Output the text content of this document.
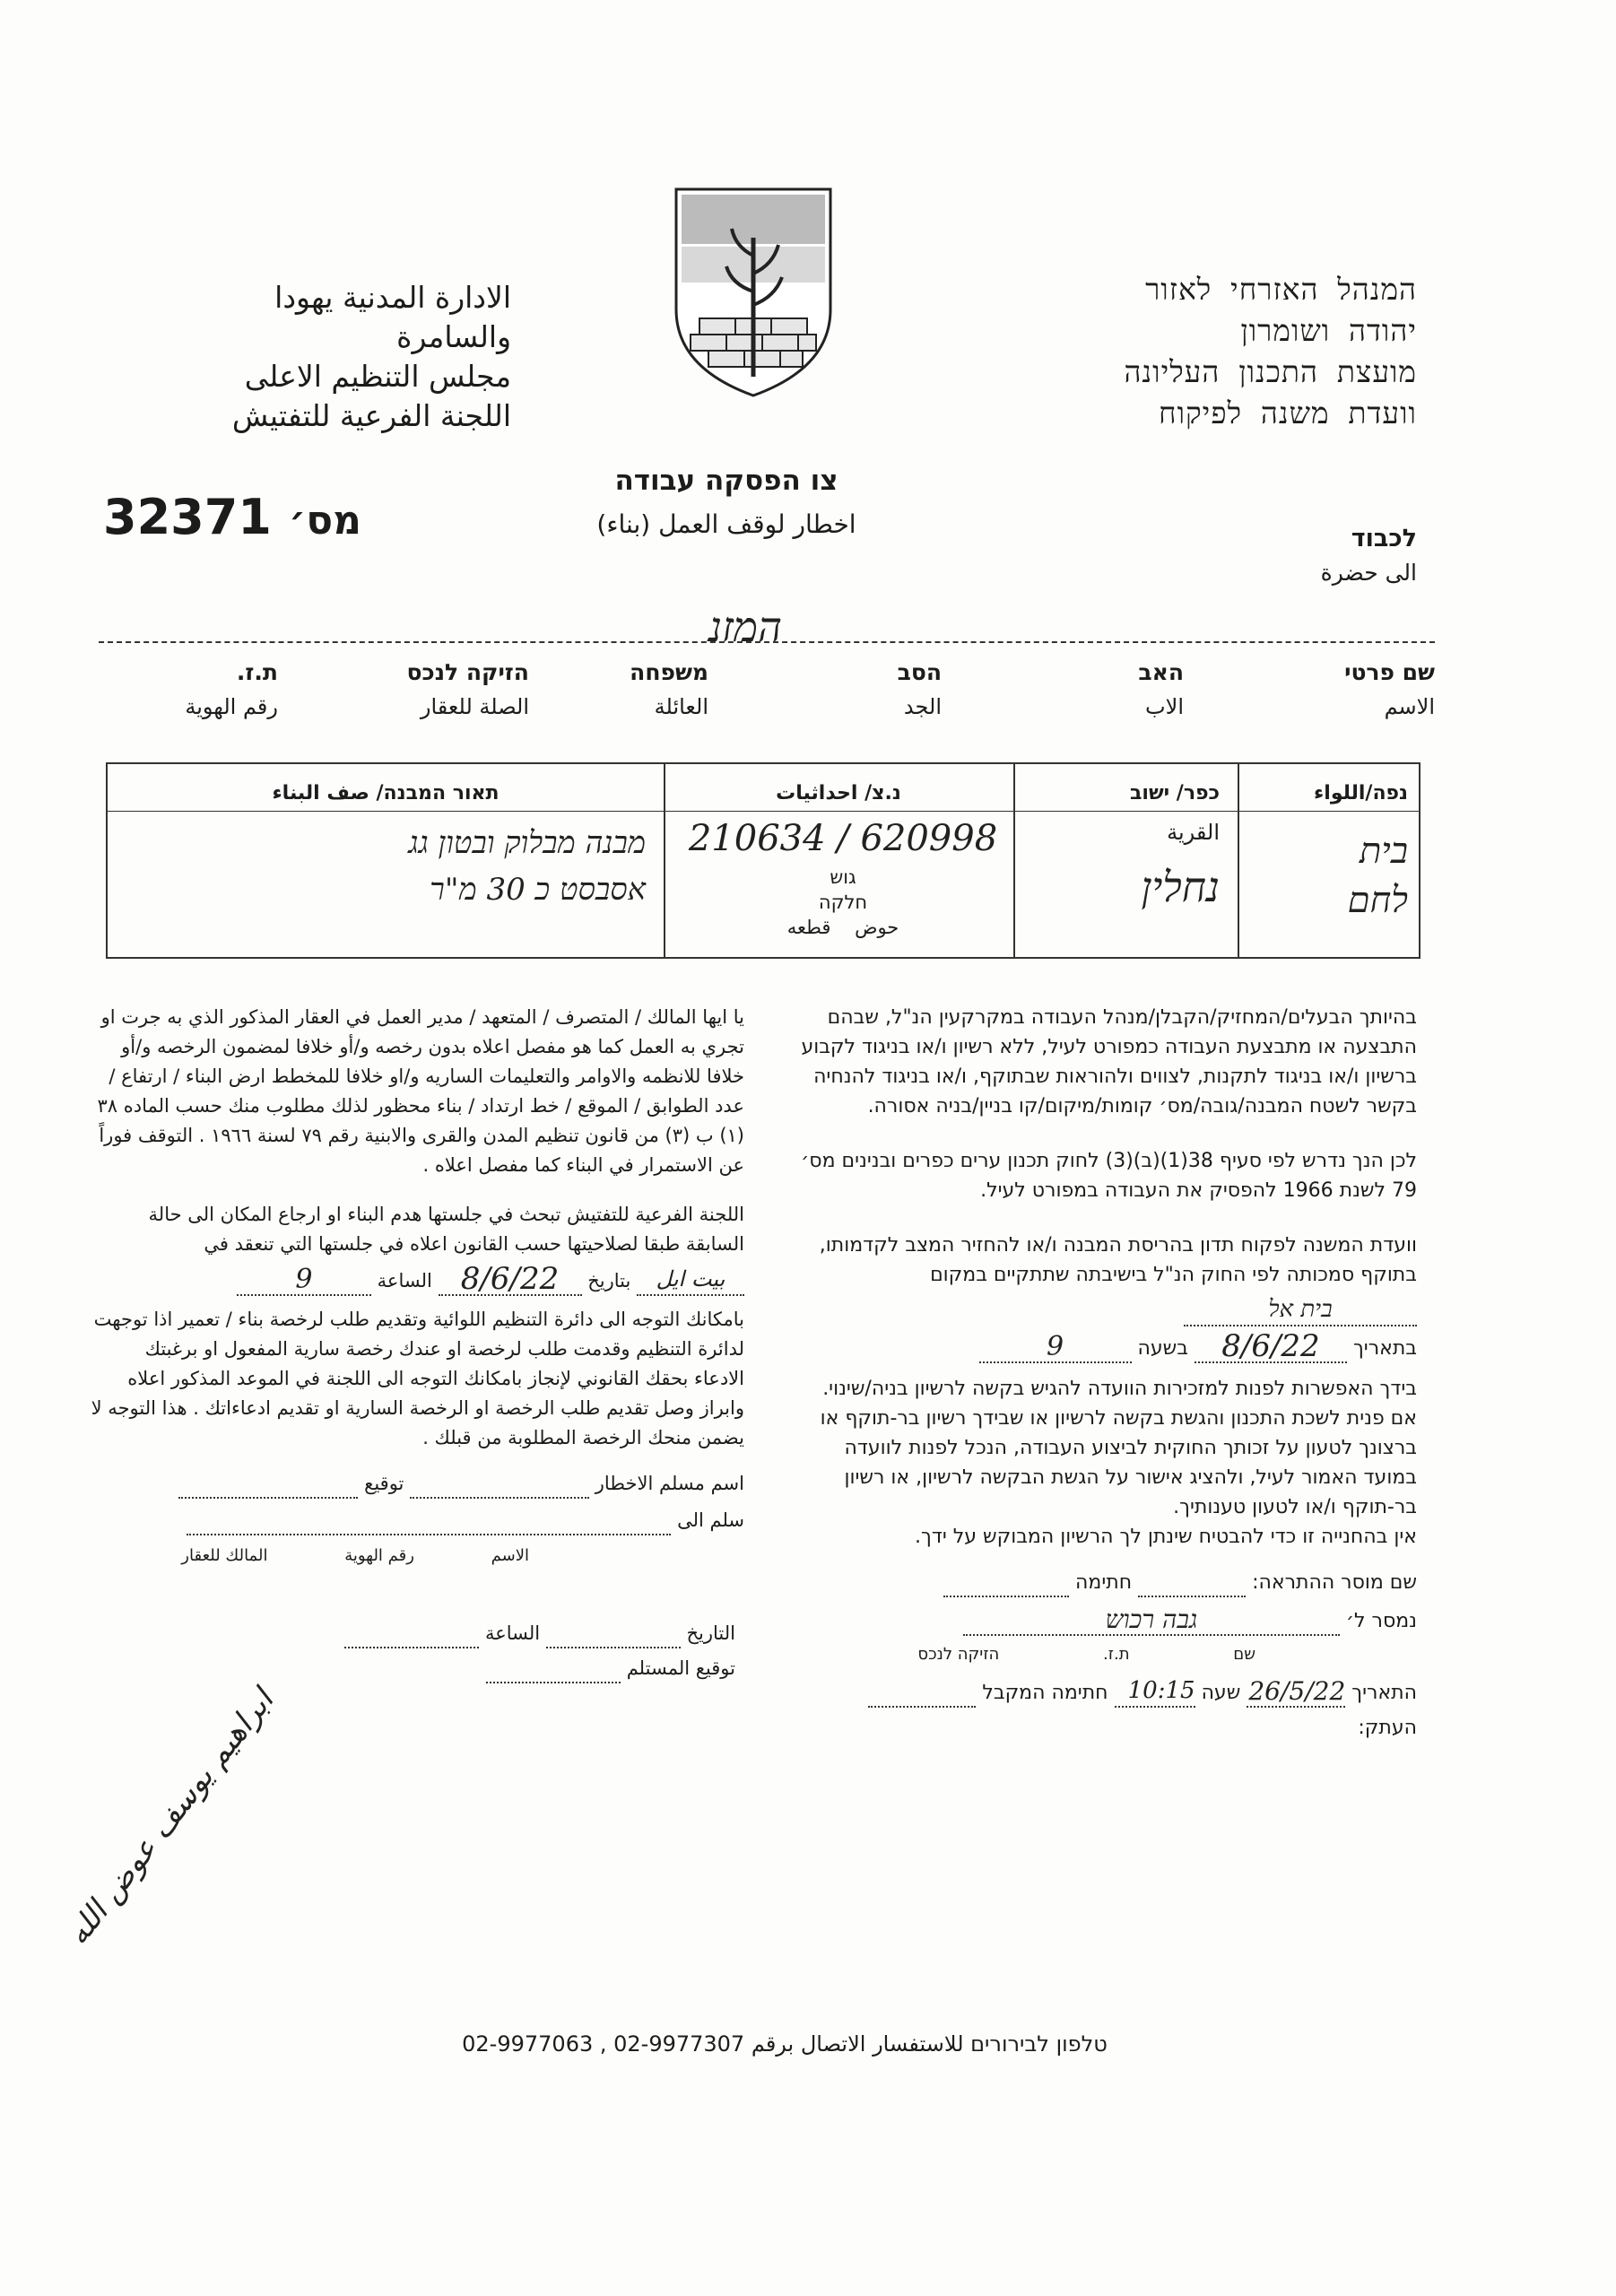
המנהל האזרחי לאזור
יהודה ושומרון
מועצת התכנון העליונה
וועדת משנה לפיקוח
الادارة المدنية يهودا
والسامرة
مجلس التنظيم الاعلى
اللجنة الفرعية للتفتيش
32371 מס׳
צו הפסקה עבודה
اخطار لوقف العمل (بناء)	לכבוד
الى حضرة
המזנ
שם פרטי
الاسم
האב
الاب
הסב
الجد
משפחה
العائلة
הזיקה לנכס
الصلة للعقار
ת.ז.
رقم الهوية
נפה/اللواء
בית
לחם
כפר/ ישוב
القرية
נחלין
נ.צ/ احداثيات
210634 / 620998
גוש
חלקה
حوض    قطعه
תאור המבנה/ صف البناء
מבנה מבלוק ובטון גג
אסבסט כ 30 מ"ר

בהיותך הבעלים/המחזיק/הקבלן/מנהל העבודה במקרקעין הנ"ל, שבהם התבצעה או מתבצעת העבודה כמפורט לעיל, ללא רשיון ו/או בניגוד לקבוע ברשיון ו/או בניגוד לתקנות, לצווים ולהוראות שבתוקף, ו/או בניגוד להנחיה בקשר לשטח המבנה/גובה/מס׳ קומות/מיקום/קו בניין/בניה אסורה.

לכן הנך נדרש לפי סעיף 38(1)(ב)(3) לחוק תכנון ערים כפרים ובנינים מס׳ 79 לשנת 1966 להפסיק את העבודה במפורט לעיל.

וועדת המשנה לפקוח תדון בהריסת המבנה ו/או להחזיר המצב לקדמותו, בתוקף סמכותה לפי החוק הנ"ל בישיבתה שתתקיים במקום

בית אל
בתאריך 8/6/22 בשעה 9

בידך האפשרות לפנות למזכירות הוועדה להגיש בקשה לרשיון בניה/שינוי. אם פנית לשכת התכנון והגשת בקשה לרשיון או שבידך רשיון בר-תוקף או ברצונך לטעון על זכותך החוקית לביצוע העבודה, הנכל לפנות לוועדה במועד האמור לעיל, ולהציג אישור על הגשת הבקשה לרשיון, או רשיון בר-תוקף ו/או לטעון טענותיך.

אין בהחנייה זו כדי להבטיח שינתן לך הרשיון המבוקש על ידך.

שם מוסר ההתראה:  חתימה
נמסר ל׳ גבה רכוש
שם ת.ז. הזיקה לנכס
התאריך 26/5/22 שעה 10:15 חתימה המקבל
העתק:

يا ايها المالك / المتصرف / المتعهد / مدير العمل في العقار المذكور الذي به جرت او تجري به العمل كما هو مفصل اعلاه بدون رخصه و/أو خلافا لمضمون الرخصه و/أو خلافا للانظمه والاوامر والتعليمات الساريه و/او خلافا للمخطط ارض البناء / ارتفاع / عدد الطوابق / الموقع / خط ارتداد / بناء محظور لذلك مطلوب منك حسب الماده ٣٨ (١) ب (٣) من قانون تنظيم المدن والقرى والابنية رقم ٧٩ لسنة ١٩٦٦ . التوقف فوراً عن الاستمرار في البناء كما مفصل اعلاه .

اللجنة الفرعية للتفتيش تبحث في جلستها هدم البناء او ارجاع المكان الى حالة السابقة طبقا لصلاحيتها حسب القانون اعلاه في جلستها التي تنعقد في

بيت ايل بتاريخ 8/6/22 الساعة 9

بامكانك التوجه الى دائرة التنظيم اللوائية وتقديم طلب لرخصة بناء / تعمير اذا توجهت لدائرة التنظيم وقدمت طلب لرخصة او عندك رخصة سارية المفعول او برغبتك الادعاء بحقك القانوني لإنجاز بامكانك التوجه الى اللجنة في الموعد المذكور اعلاه وابراز وصل تقديم طلب الرخصة او الرخصة السارية او تقديم ادعاءاتك . هذا التوجه لا يضمن منحك الرخصة المطلوبة من قبلك .

اسم مسلم الاخطار  توقيع
سلم الى
الاسم رقم الهوية المالك للعقار
التاريخ  الساعة
توقيع المستلم
ابراهيم يوسف عوض الله
טלפון לבירורים للاستفسار الاتصال برقم 02-9977063 , 02-9977307
